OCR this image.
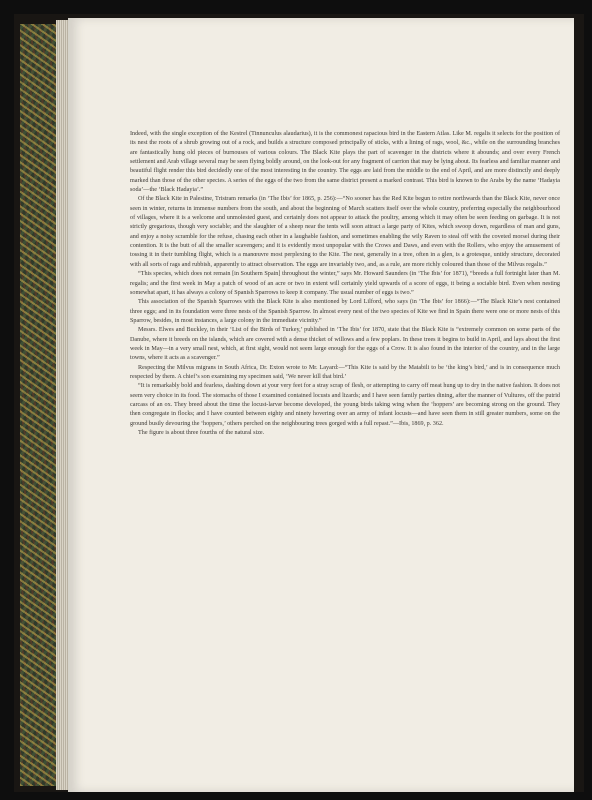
Indeed, with the single exception of the Kestrel (Tinnunculus alaudarius), it is the commonest rapacious bird in the Eastern Atlas. Like M. regalis it selects for the position of its nest the roots of a shrub growing out of a rock, and builds a structure composed principally of sticks, with a lining of rags, wool, &c., while on the surrounding branches are fantastically hung old pieces of burnouses of various colours. The Black Kite plays the part of scavenger in the districts where it abounds; and over every French settlement and Arab village several may be seen flying boldly around, on the look-out for any fragment of carrion that may be lying about. Its fearless and familiar manner and beautiful flight render this bird decidedly one of the most interesting in the country. The eggs are laid from the middle to the end of April, and are more distinctly and deeply marked than those of the other species. A series of the eggs of the two from the same district present a marked contrast. This bird is known to the Arabs by the name ‘Hadayia soda’—the ‘Black Hadayia’.”

Of the Black Kite in Palestine, Tristram remarks (in ‘The Ibis’ for 1865, p. 256):—“No sooner has the Red Kite begun to retire northwards than the Black Kite, never once seen in winter, returns in immense numbers from the south, and about the beginning of March scatters itself over the whole country, preferring especially the neighbourhood of villages, where it is a welcome and unmolested guest, and certainly does not appear to attack the poultry, among which it may often be seen feeding on garbage. It is not strictly gregarious, though very sociable; and the slaughter of a sheep near the tents will soon attract a large party of Kites, which swoop down, regardless of man and guns, and enjoy a noisy scramble for the refuse, chasing each other in a laughable fashion, and sometimes enabling the wily Raven to steal off with the coveted morsel during their contention. It is the butt of all the smaller scavengers; and it is evidently most unpopular with the Crows and Daws, and even with the Rollers, who enjoy the amusement of tossing it in their tumbling flight, which is a manœuvre most perplexing to the Kite. The nest, generally in a tree, often in a glen, is a grotesque, untidy structure, decorated with all sorts of rags and rubbish, apparently to attract observation. The eggs are invariably two, and, as a rule, are more richly coloured than those of the Milvus regalis.”

“This species, which does not remain [in Southern Spain] throughout the winter,” says Mr. Howard Saunders (in ‘The Ibis’ for 1871), “breeds a full fortnight later than M. regalis; and the first week in May a patch of wood of an acre or two in extent will certainly yield upwards of a score of eggs, it being a sociable bird. Even when nesting somewhat apart, it has always a colony of Spanish Sparrows to keep it company. The usual number of eggs is two.”

This association of the Spanish Sparrows with the Black Kite is also mentioned by Lord Lilford, who says (in ‘The Ibis’ for 1866):—“The Black Kite’s nest contained three eggs; and in its foundation were three nests of the Spanish Sparrow. In almost every nest of the two species of Kite we find in Spain there were one or more nests of this Sparrow, besides, in most instances, a large colony in the immediate vicinity.”

Messrs. Elwes and Buckley, in their ‘List of the Birds of Turkey,’ published in ‘The Ibis’ for 1870, state that the Black Kite is “extremely common on some parts of the Danube, where it breeds on the islands, which are covered with a dense thicket of willows and a few poplars. In these trees it begins to build in April, and lays about the first week in May—in a very small nest, which, at first sight, would not seem large enough for the eggs of a Crow. It is also found in the interior of the country, and in the large towns, where it acts as a scavenger.”

Respecting the Milvus migrans in South Africa, Dr. Exton wrote to Mr. Layard:—“This Kite is said by the Matabili to be ‘the king’s bird,’ and is in consequence much respected by them. A chief’s son examining my specimen said, ‘We never kill that bird.’

“It is remarkably bold and fearless, dashing down at your very feet for a stray scrap of flesh, or attempting to carry off meat hung up to dry in the native fashion. It does not seem very choice in its food. The stomachs of those I examined contained locusts and lizards; and I have seen family parties dining, after the manner of Vultures, off the putrid carcass of an ox. They breed about the time the locust-larvæ become developed, the young birds taking wing when the ‘hoppers’ are becoming strong on the ground. They then congregate in flocks; and I have counted between eighty and ninety hovering over an army of infant locusts—and have seen them in still greater numbers, some on the ground busily devouring the ‘hoppers,’ others perched on the neighbouring trees gorged with a full repast.”—Ibis, 1869, p. 362.

The figure is about three fourths of the natural size.
